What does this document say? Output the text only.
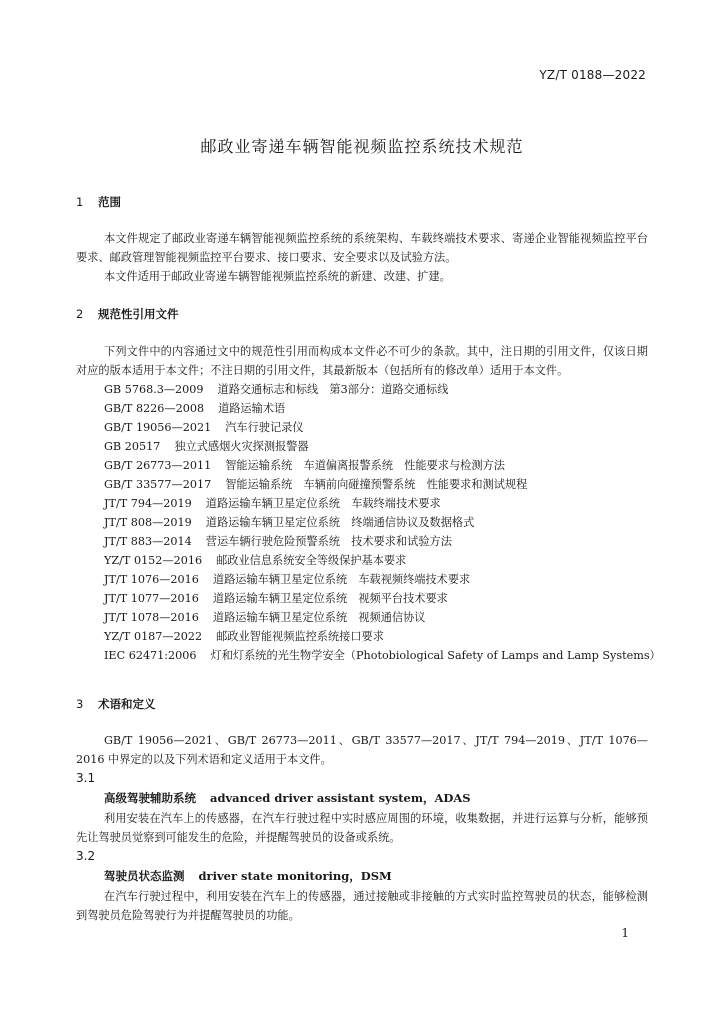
YZ/T 0188—2022
邮政业寄递车辆智能视频监控系统技术规范
1 范围
本文件规定了邮政业寄递车辆智能视频监控系统的系统架构、车载终端技术要求、寄递企业智能视频监控平台要求、邮政管理智能视频监控平台要求、接口要求、安全要求以及试验方法。
本文件适用于邮政业寄递车辆智能视频监控系统的新建、改建、扩建。
2 规范性引用文件
下列文件中的内容通过文中的规范性引用而构成本文件必不可少的条款。其中，注日期的引用文件，仅该日期对应的版本适用于本文件；不注日期的引用文件，其最新版本（包括所有的修改单）适用于本文件。
GB 5768.3—2009 道路交通标志和标线　第3部分：道路交通标线
GB/T 8226—2008 道路运输术语
GB/T 19056—2021 汽车行驶记录仪
GB 20517 独立式感烟火灾探测报警器
GB/T 26773—2011 智能运输系统　车道偏离报警系统　性能要求与检测方法
GB/T 33577—2017 智能运输系统　车辆前向碰撞预警系统　性能要求和测试规程
JT/T 794—2019 道路运输车辆卫星定位系统　车载终端技术要求
JT/T 808—2019 道路运输车辆卫星定位系统　终端通信协议及数据格式
JT/T 883—2014 营运车辆行驶危险预警系统　技术要求和试验方法
YZ/T 0152—2016 邮政业信息系统安全等级保护基本要求
JT/T 1076—2016 道路运输车辆卫星定位系统　车载视频终端技术要求
JT/T 1077—2016 道路运输车辆卫星定位系统　视频平台技术要求
JT/T 1078—2016 道路运输车辆卫星定位系统　视频通信协议
YZ/T 0187—2022 邮政业智能视频监控系统接口要求
IEC 62471:2006 灯和灯系统的光生物学安全（Photobiological Safety of Lamps and Lamp Systems）
3 术语和定义
GB/T 19056—2021、GB/T 26773—2011、GB/T 33577—2017、JT/T 794—2019、JT/T 1076—2016 中界定的以及下列术语和定义适用于本文件。
3.1
高级驾驶辅助系统 advanced driver assistant system，ADAS
利用安装在汽车上的传感器，在汽车行驶过程中实时感应周围的环境，收集数据，并进行运算与分析，能够预先让驾驶员觉察到可能发生的危险，并提醒驾驶员的设备或系统。
3.2
驾驶员状态监测 driver state monitoring，DSM
在汽车行驶过程中，利用安装在汽车上的传感器，通过接触或非接触的方式实时监控驾驶员的状态，能够检测到驾驶员危险驾驶行为并提醒驾驶员的功能。
1
